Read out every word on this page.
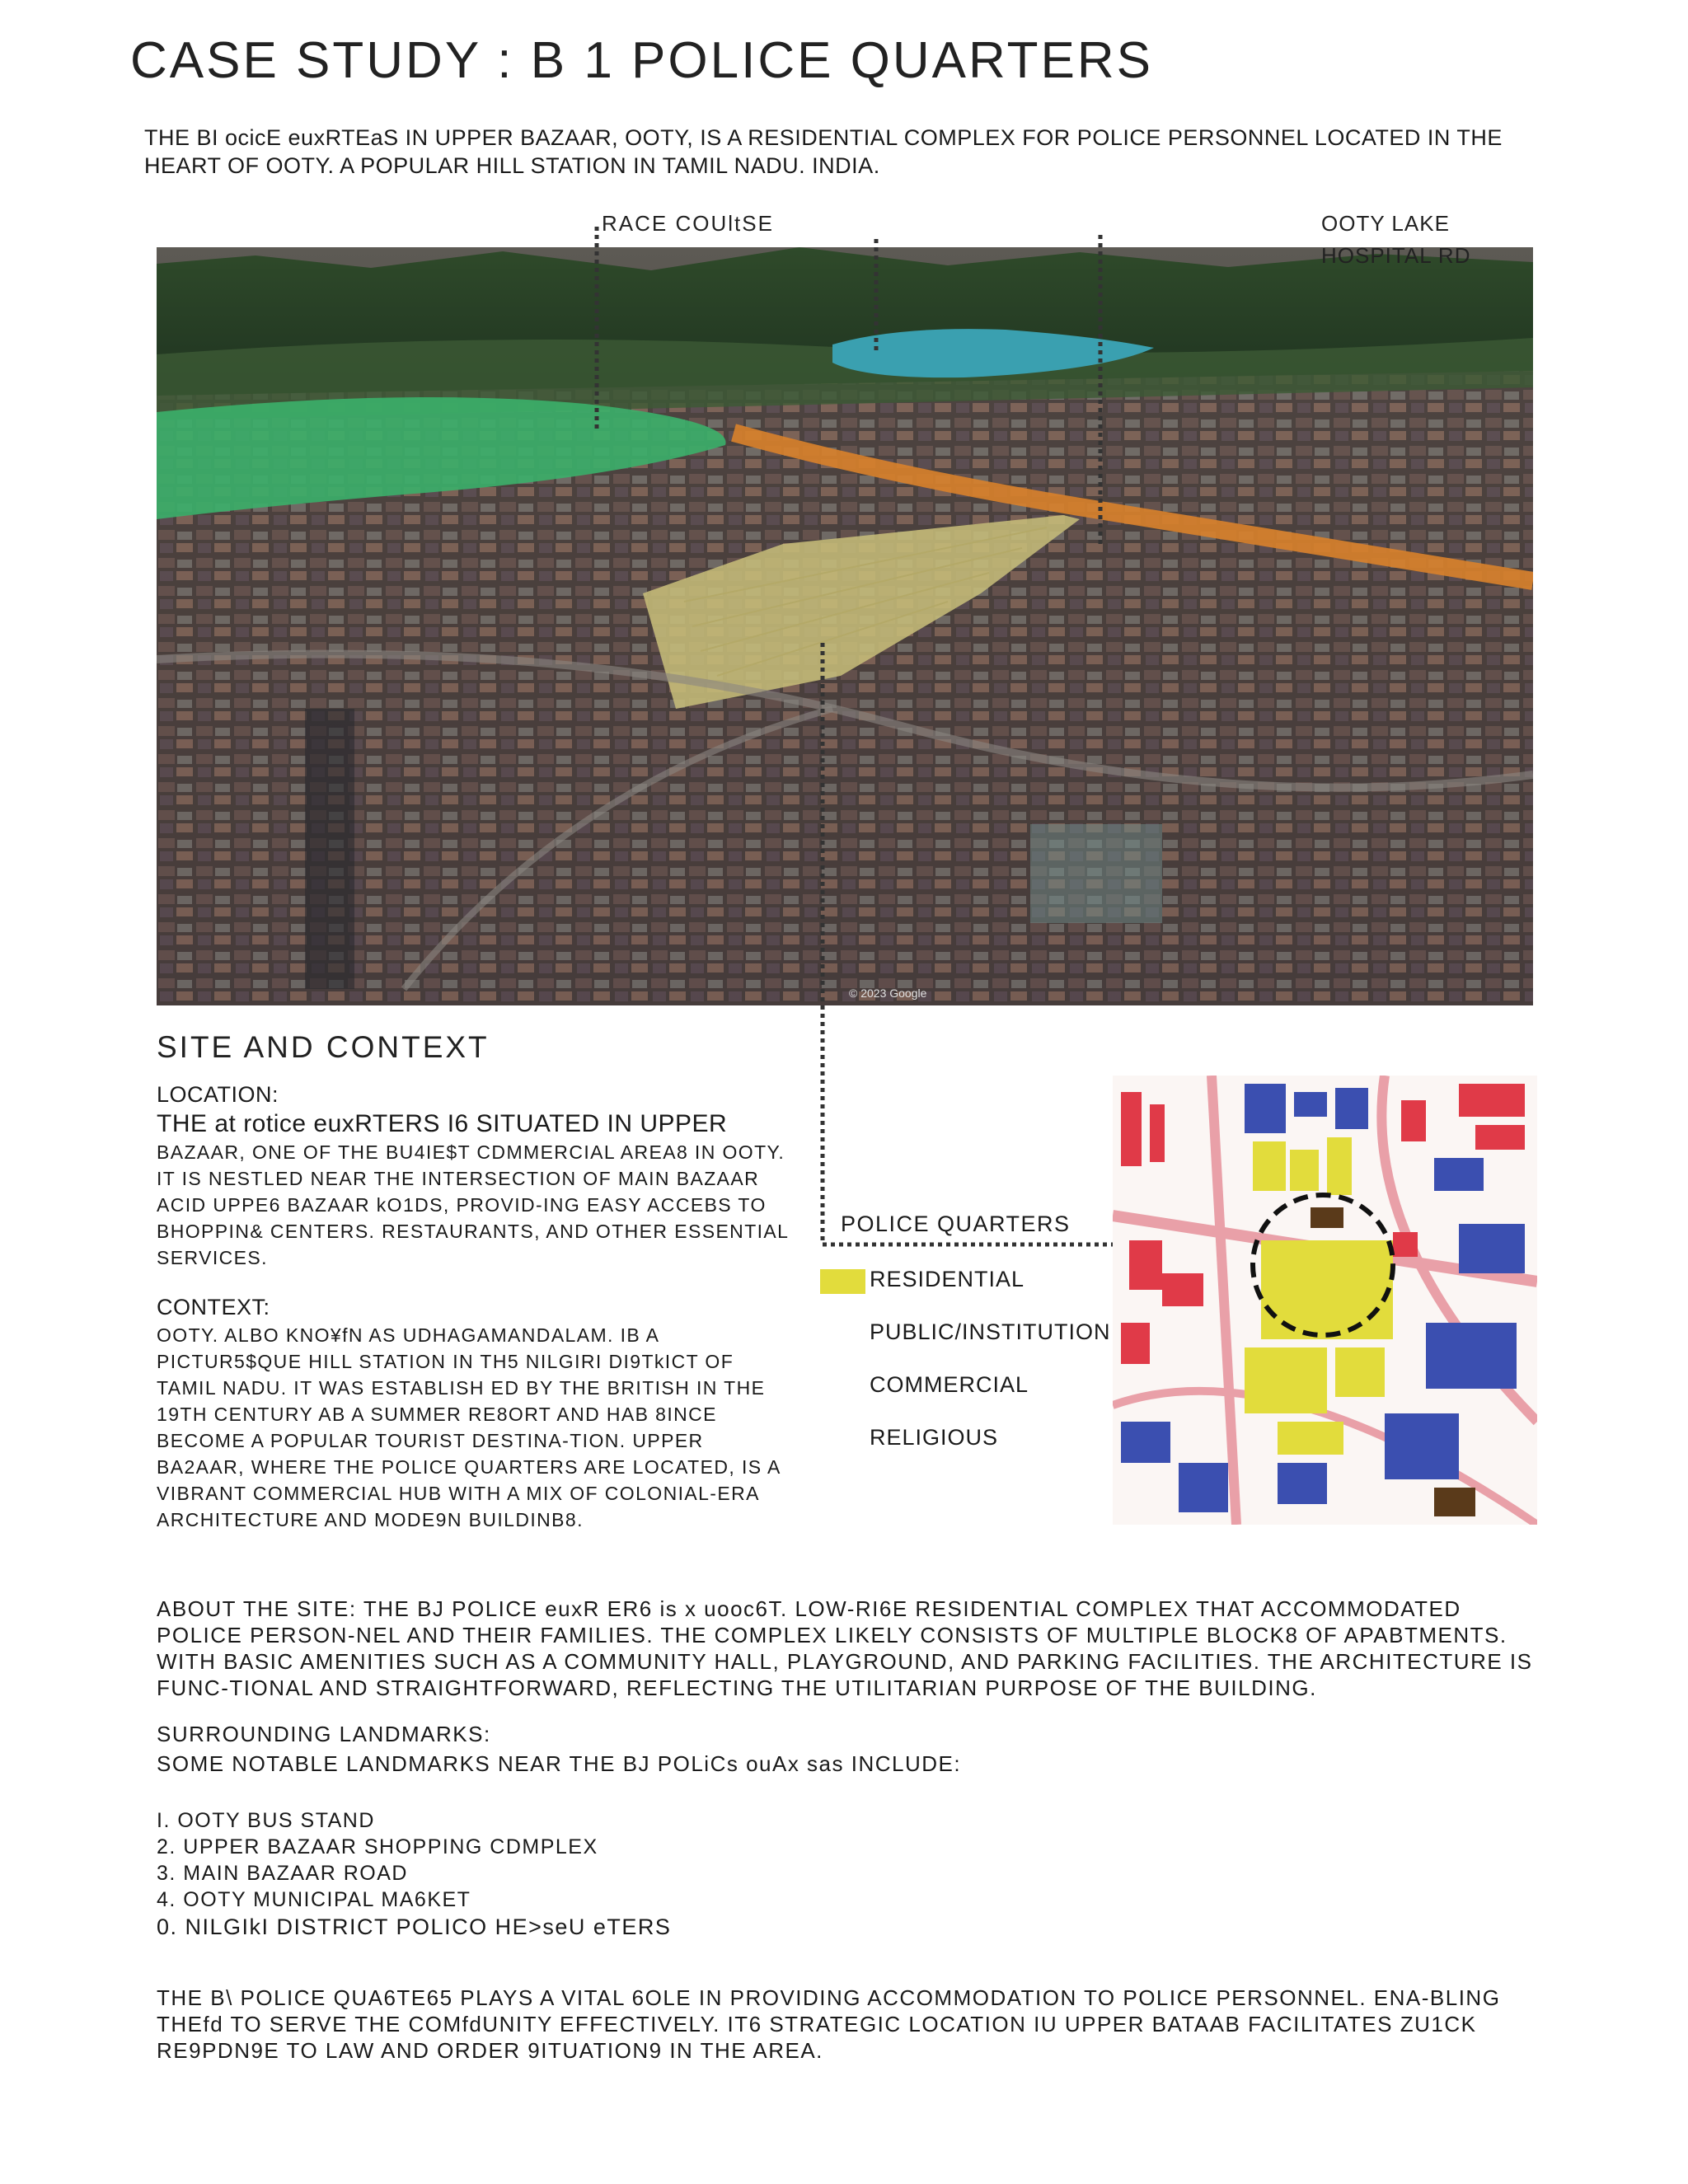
CASE STUDY : B 1 POLICE QUARTERS
THE BI ocicE euxRTEaS IN UPPER BAZAAR, OOTY, IS A RESIDENTIAL COMPLEX FOR POLICE PERSONNEL LOCATED IN THE HEART OF OOTY. A POPULAR HILL STATION IN TAMIL NADU. INDIA.
© 2023 Google
RACE COUltSE	OOTY LAKE
HOSPITAL RD
SITE AND CONTEXT
LOCATION:
THE at rotice euxRTERS I6 SITUATED IN UPPER
BAZAAR, ONE OF THE BU4IE$T CDMMERCIAL AREA8 IN OOTY. IT IS NESTLED NEAR THE INTERSECTION OF MAIN BAZAAR ACID UPPE6 BAZAAR kO1DS, PROVID-ING EASY ACCEBS TO BHOPPIN& CENTERS. RESTAURANTS, AND OTHER ESSENTIAL SERVICES.
CONTEXT:
OOTY. ALBO KNO¥fN AS UDHAGAMANDALAM. IB A PICTUR5$QUE HILL STATION IN TH5 NILGIRI DI9TkICT OF TAMIL NADU. IT WAS ESTABLISH ED BY THE BRITISH IN THE 19TH CENTURY AB A SUMMER RE8ORT AND HAB 8INCE BECOME A POPULAR TOURIST DESTINA-TION. UPPER BA2AAR, WHERE THE POLICE QUARTERS ARE LOCATED, IS A VIBRANT COMMERCIAL HUB WITH A MIX OF COLONIAL-ERA ARCHITECTURE AND MODE9N BUILDINB8.
POLICE QUARTERS
RESIDENTIAL
PUBLIC/INSTITUTION
COMMERCIAL
RELIGIOUS
ABOUT THE SITE: THE BJ POLICE euxR ER6 is x uooc6T. LOW-RI6E RESIDENTIAL COMPLEX THAT ACCOMMODATED POLICE PERSON-NEL AND THEIR FAMILIES. THE COMPLEX LIKELY CONSISTS OF MULTIPLE BLOCK8 OF APABTMENTS. WITH BASIC AMENITIES SUCH AS A COMMUNITY HALL, PLAYGROUND, AND PARKING FACILITIES. THE ARCHITECTURE IS FUNC-TIONAL AND STRAIGHTFORWARD, REFLECTING THE UTILITARIAN PURPOSE OF THE BUILDING.
SURROUNDING LANDMARKS:
SOME NOTABLE LANDMARKS NEAR THE BJ POLiCs ouAx sas INCLUDE:
I. OOTY BUS STAND
2. UPPER BAZAAR SHOPPING CDMPLEX
3. MAIN BAZAAR ROAD
4. OOTY MUNICIPAL MA6KET
0. NILGIkI DISTRICT POLICO HE>seU eTERS
THE B\ POLICE QUA6TE65 PLAYS A VITAL 6OLE IN PROVIDING ACCOMMODATION TO POLICE PERSONNEL. ENA-BLING THEfd TO SERVE THE COMfdUNITY EFFECTIVELY. IT6 STRATEGIC LOCATION IU UPPER BATAAB FACILITATES ZU1CK RE9PDN9E TO LAW AND ORDER 9ITUATION9 IN THE AREA.
